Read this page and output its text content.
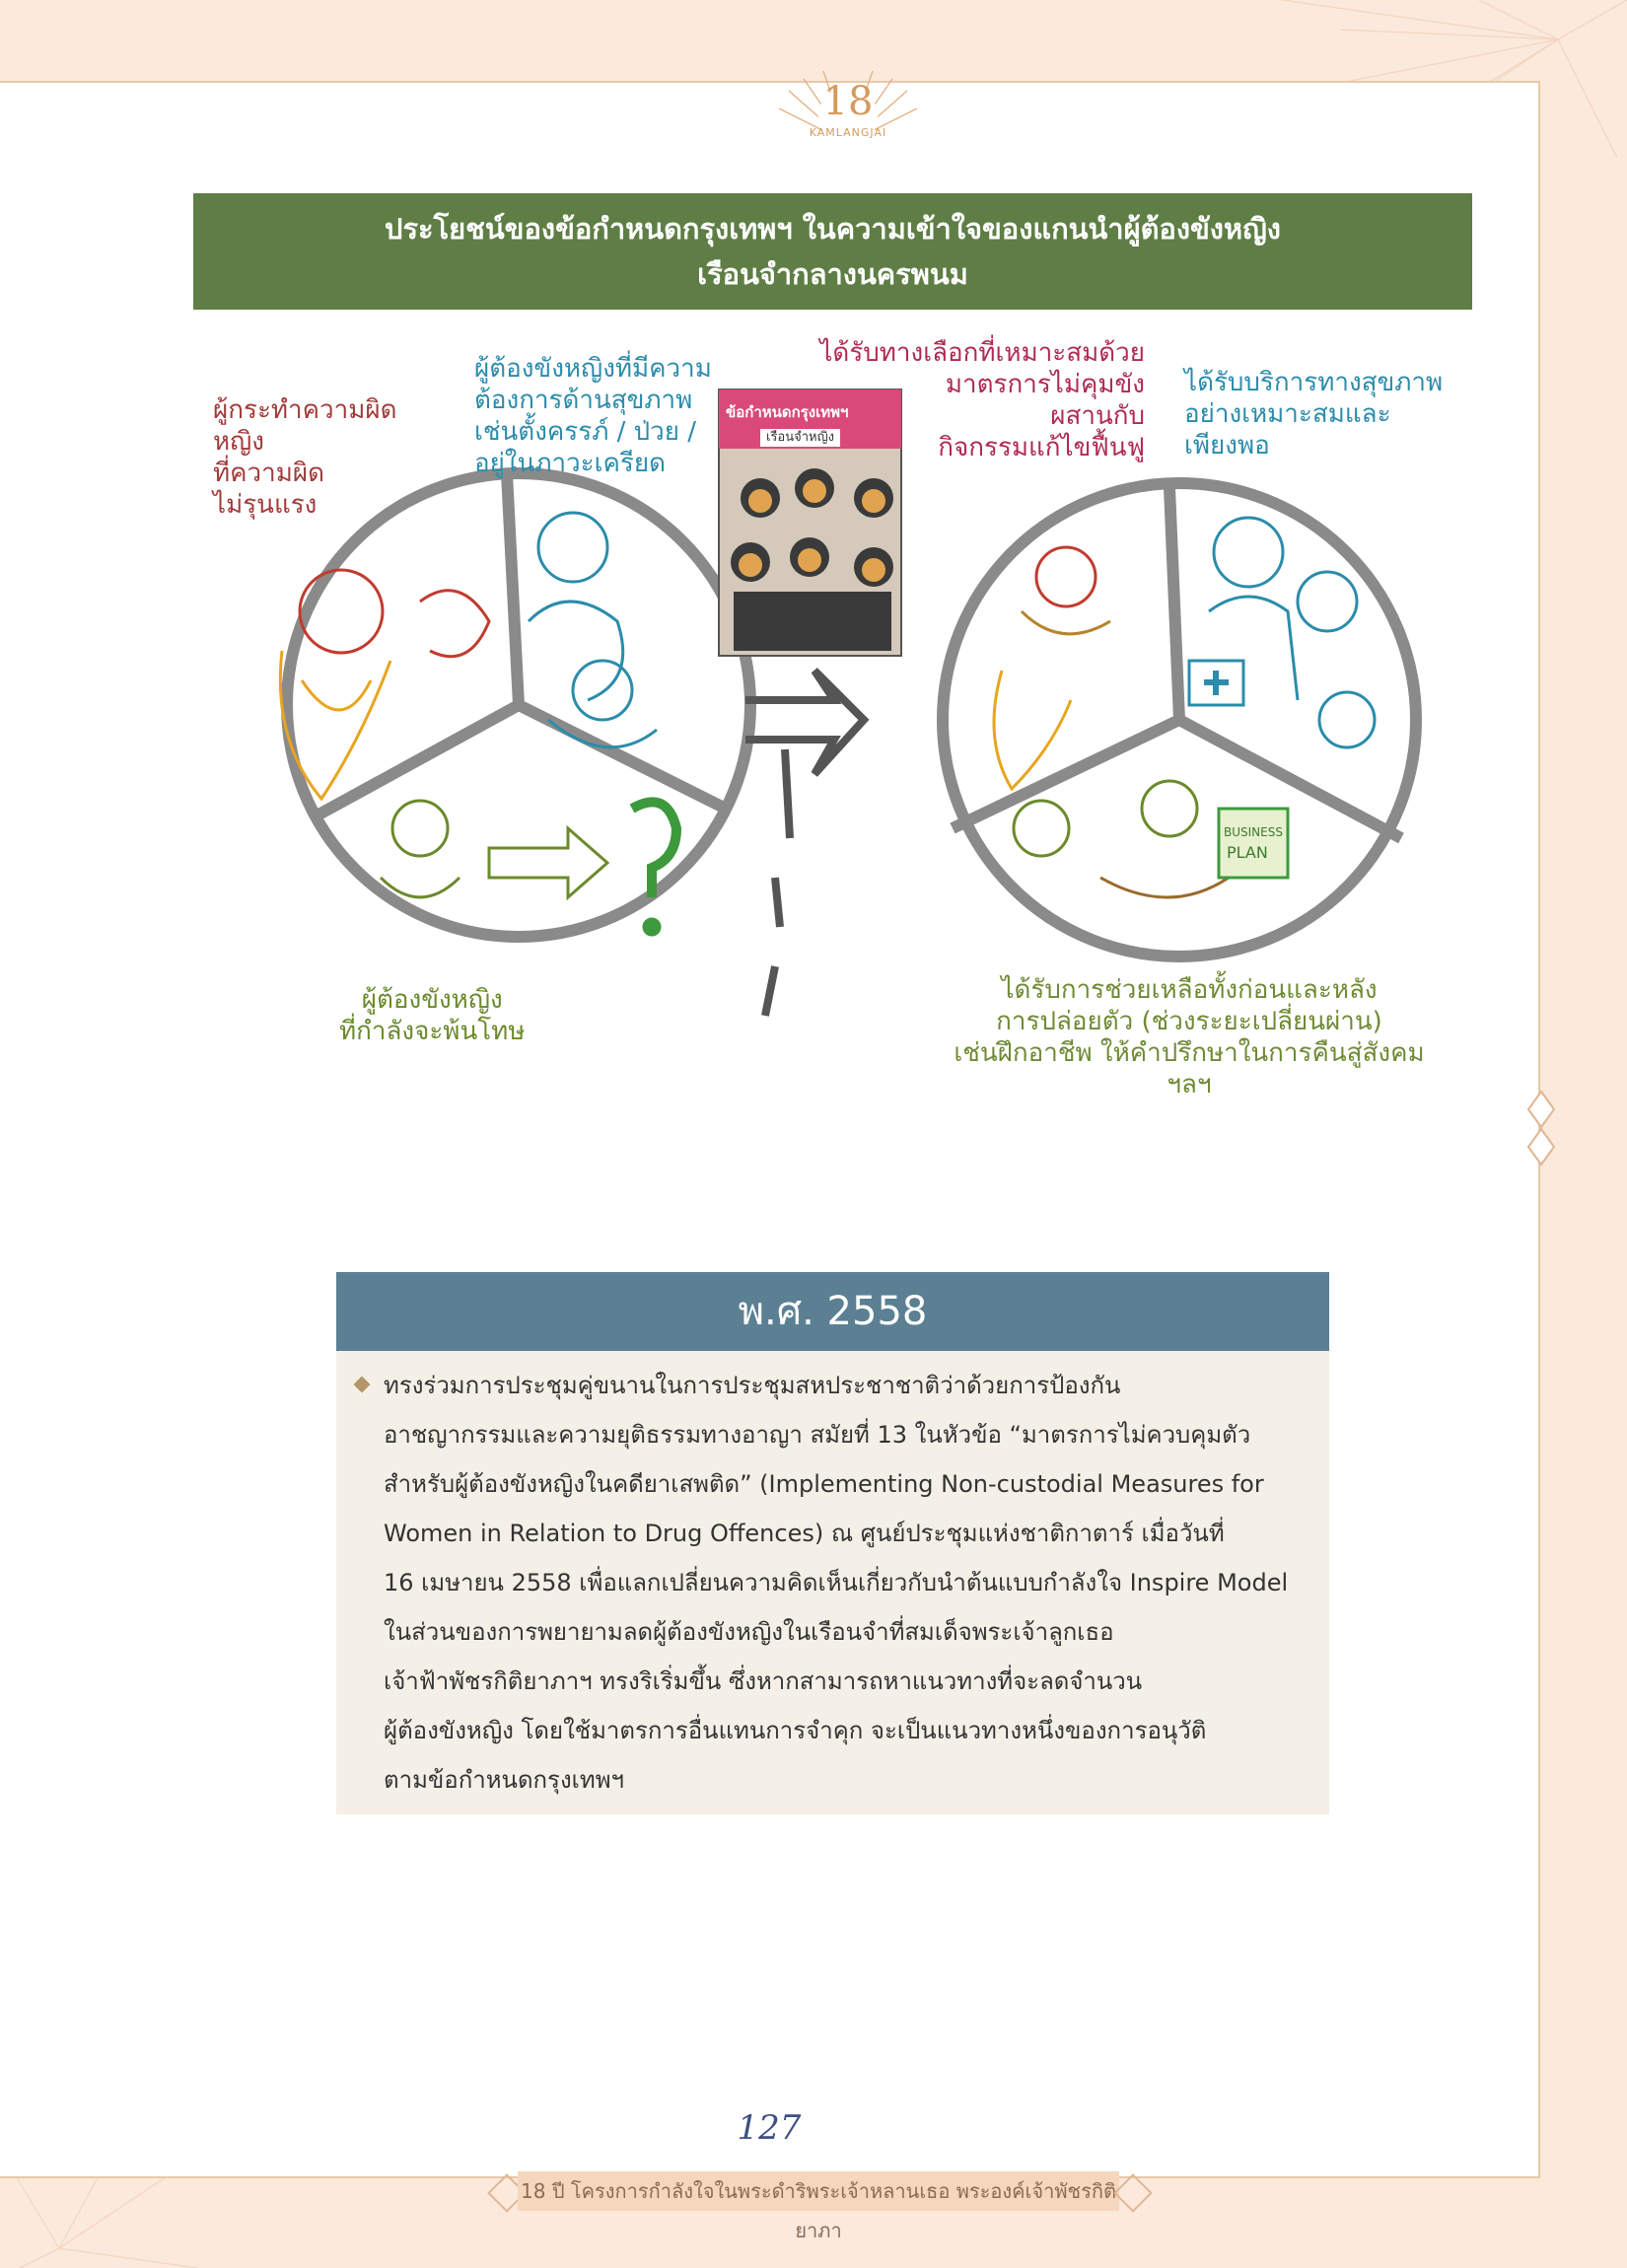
18
KAMLANGJAI
ประโยชน์ของข้อกำหนดกรุงเทพฯ ในความเข้าใจของแกนนำผู้ต้องขังหญิง
เรือนจำกลางนครพนม
BUSINESS
PLAN
ผู้กระทำความผิด
หญิง
ที่ความผิด
ไม่รุนแรง
ผู้ต้องขังหญิงที่มีความ
ต้องการด้านสุขภาพ
เช่นตั้งครรภ์ / ป่วย /
อยู่ในภาวะเครียด
ผู้ต้องขังหญิง
ที่กำลังจะพ้นโทษ
ข้อกำหนดกรุงเทพฯ
เรือนจำหญิง
ได้รับทางเลือกที่เหมาะสมด้วย
มาตรการไม่คุมขัง
ผสานกับ
กิจกรรมแก้ไขฟื้นฟู
ได้รับบริการทางสุขภาพ
อย่างเหมาะสมและ
เพียงพอ
ได้รับการช่วยเหลือทั้งก่อนและหลัง
การปล่อยตัว (ช่วงระยะเปลี่ยนผ่าน)
เช่นฝึกอาชีพ ให้คำปรึกษาในการคืนสู่สังคม
ฯลฯ
พ.ศ. 2558
ทรงร่วมการประชุมคู่ขนานในการประชุมสหประชาชาติว่าด้วยการป้องกัน
อาชญากรรมและความยุติธรรมทางอาญา สมัยที่ 13 ในหัวข้อ “มาตรการไม่ควบคุมตัว
สำหรับผู้ต้องขังหญิงในคดียาเสพติด” (Implementing Non-custodial Measures for
Women in Relation to Drug Offences) ณ ศูนย์ประชุมแห่งชาติกาตาร์ เมื่อวันที่
16 เมษายน 2558 เพื่อแลกเปลี่ยนความคิดเห็นเกี่ยวกับนำต้นแบบกำลังใจ Inspire Model
ในส่วนของการพยายามลดผู้ต้องขังหญิงในเรือนจำที่สมเด็จพระเจ้าลูกเธอ
เจ้าฟ้าพัชรกิติยาภาฯ ทรงริเริ่มขึ้น ซึ่งหากสามารถหาแนวทางที่จะลดจำนวน
ผู้ต้องขังหญิง โดยใช้มาตรการอื่นแทนการจำคุก จะเป็นแนวทางหนึ่งของการอนุวัติ
ตามข้อกำหนดกรุงเทพฯ
127
18 ปี โครงการกำลังใจในพระดำริพระเจ้าหลานเธอ พระองค์เจ้าพัชรกิติยาภา
